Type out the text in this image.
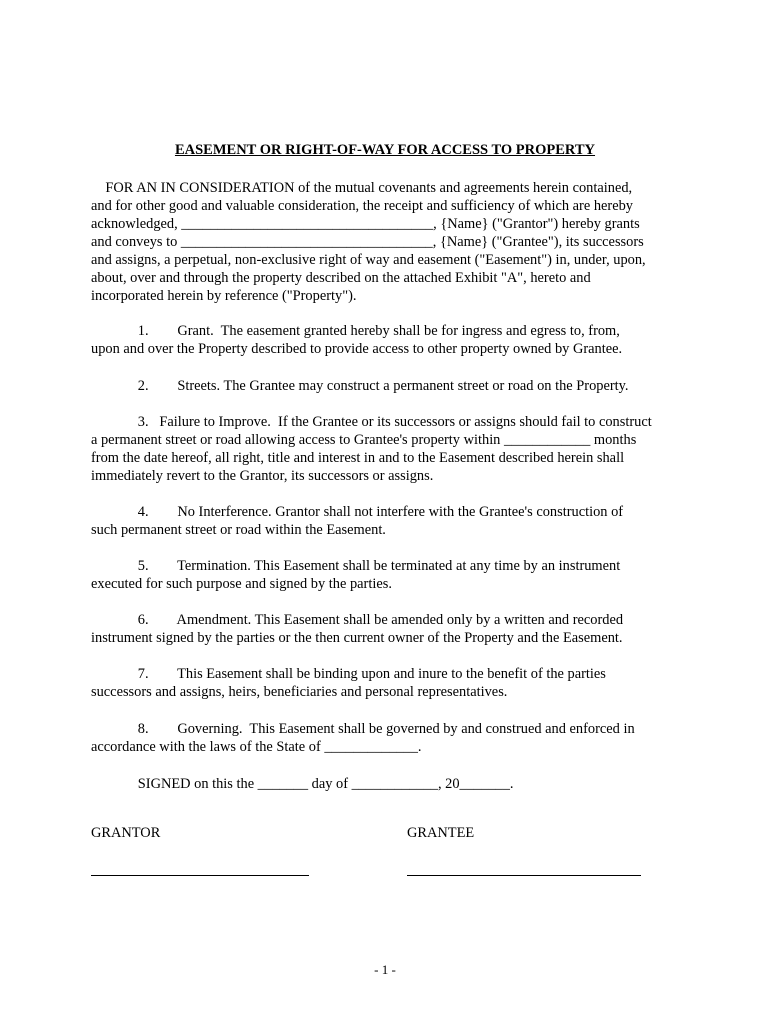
EASEMENT OR RIGHT-OF-WAY FOR ACCESS TO PROPERTY
FOR AN IN CONSIDERATION of the mutual covenants and agreements herein contained,
and for other good and valuable consideration, the receipt and sufficiency of which are hereby
acknowledged, ___________________________________, {Name} ("Grantor") hereby grants
and conveys to ___________________________________, {Name} ("Grantee"), its successors
and assigns, a perpetual, non-exclusive right of way and easement ("Easement") in, under, upon,
about, over and through the property described on the attached Exhibit "A", hereto and
incorporated herein by reference ("Property").
1.        Grant.  The easement granted hereby shall be for ingress and egress to, from,
upon and over the Property described to provide access to other property owned by Grantee.
2.        Streets. The Grantee may construct a permanent street or road on the Property.
3.   Failure to Improve.  If the Grantee or its successors or assigns should fail to construct
a permanent street or road allowing access to Grantee's property within ____________ months
from the date hereof, all right, title and interest in and to the Easement described herein shall
immediately revert to the Grantor, its successors or assigns.
4.        No Interference. Grantor shall not interfere with the Grantee's construction of
such permanent street or road within the Easement.
5.        Termination. This Easement shall be terminated at any time by an instrument
executed for such purpose and signed by the parties.
6.        Amendment. This Easement shall be amended only by a written and recorded
instrument signed by the parties or the then current owner of the Property and the Easement.
7.        This Easement shall be binding upon and inure to the benefit of the parties
successors and assigns, heirs, beneficiaries and personal representatives.
8.        Governing.  This Easement shall be governed by and construed and enforced in
accordance with the laws of the State of _____________.
SIGNED on this the _______ day of ____________, 20_______.
GRANTOR	GRANTEE
- 1 -
